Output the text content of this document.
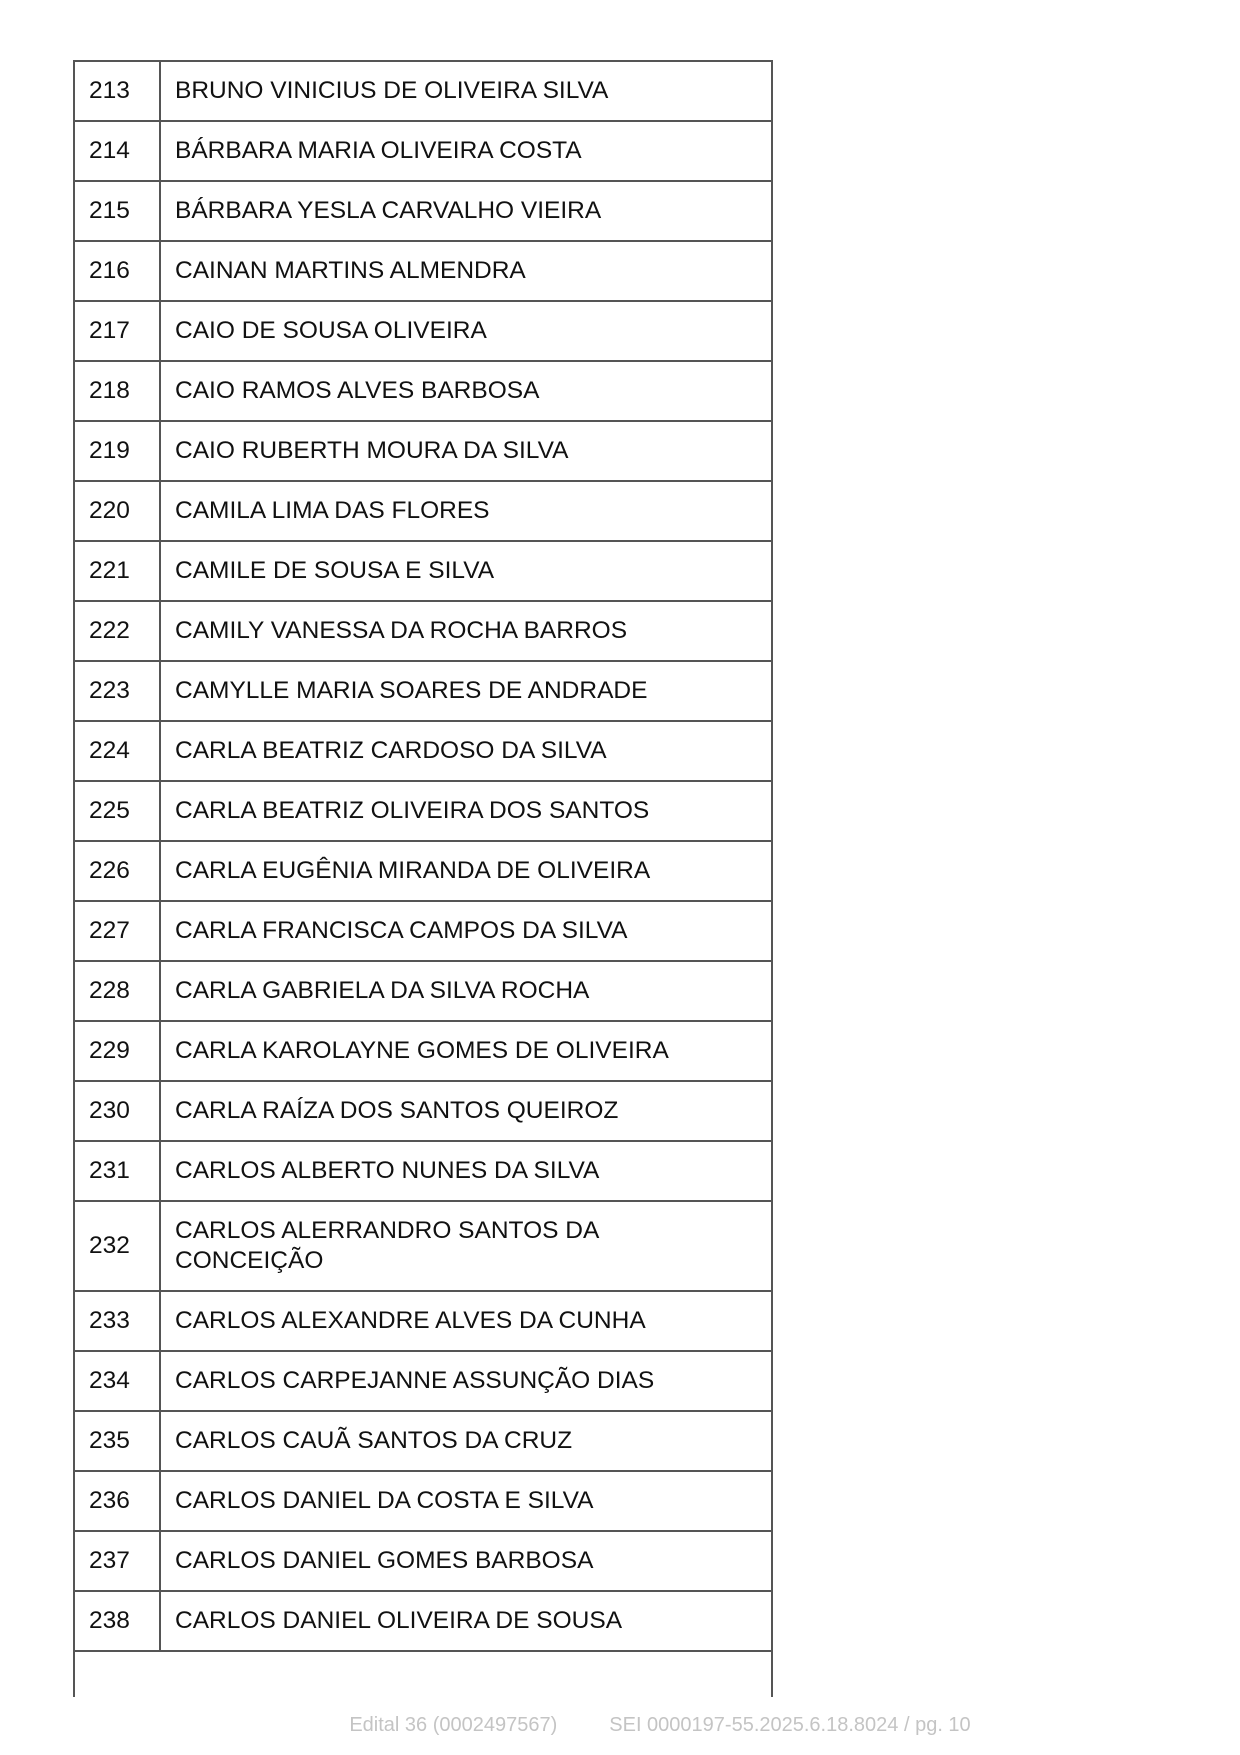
213	BRUNO VINICIUS DE OLIVEIRA SILVA
214	BÁRBARA MARIA OLIVEIRA COSTA
215	BÁRBARA YESLA CARVALHO VIEIRA
216	CAINAN MARTINS ALMENDRA
217	CAIO DE SOUSA OLIVEIRA
218	CAIO RAMOS ALVES BARBOSA
219	CAIO RUBERTH MOURA DA SILVA
220	CAMILA LIMA DAS FLORES
221	CAMILE DE SOUSA E SILVA
222	CAMILY VANESSA DA ROCHA BARROS
223	CAMYLLE MARIA SOARES DE ANDRADE
224	CARLA BEATRIZ CARDOSO DA SILVA
225	CARLA BEATRIZ OLIVEIRA DOS SANTOS
226	CARLA EUGÊNIA MIRANDA DE OLIVEIRA
227	CARLA FRANCISCA CAMPOS DA SILVA
228	CARLA GABRIELA DA SILVA ROCHA
229	CARLA KAROLAYNE GOMES DE OLIVEIRA
230	CARLA RAÍZA DOS SANTOS QUEIROZ
231	CARLOS ALBERTO NUNES DA SILVA
232	CARLOS ALERRANDRO SANTOS DA CONCEIÇÃO
233	CARLOS ALEXANDRE ALVES DA CUNHA
234	CARLOS CARPEJANNE ASSUNÇÃO DIAS
235	CARLOS CAUÃ SANTOS DA CRUZ
236	CARLOS DANIEL DA COSTA E SILVA
237	CARLOS DANIEL GOMES BARBOSA
238	CARLOS DANIEL OLIVEIRA DE SOUSA

Edital 36 (0002497567)	SEI 0000197-55.2025.6.18.8024 / pg. 10
